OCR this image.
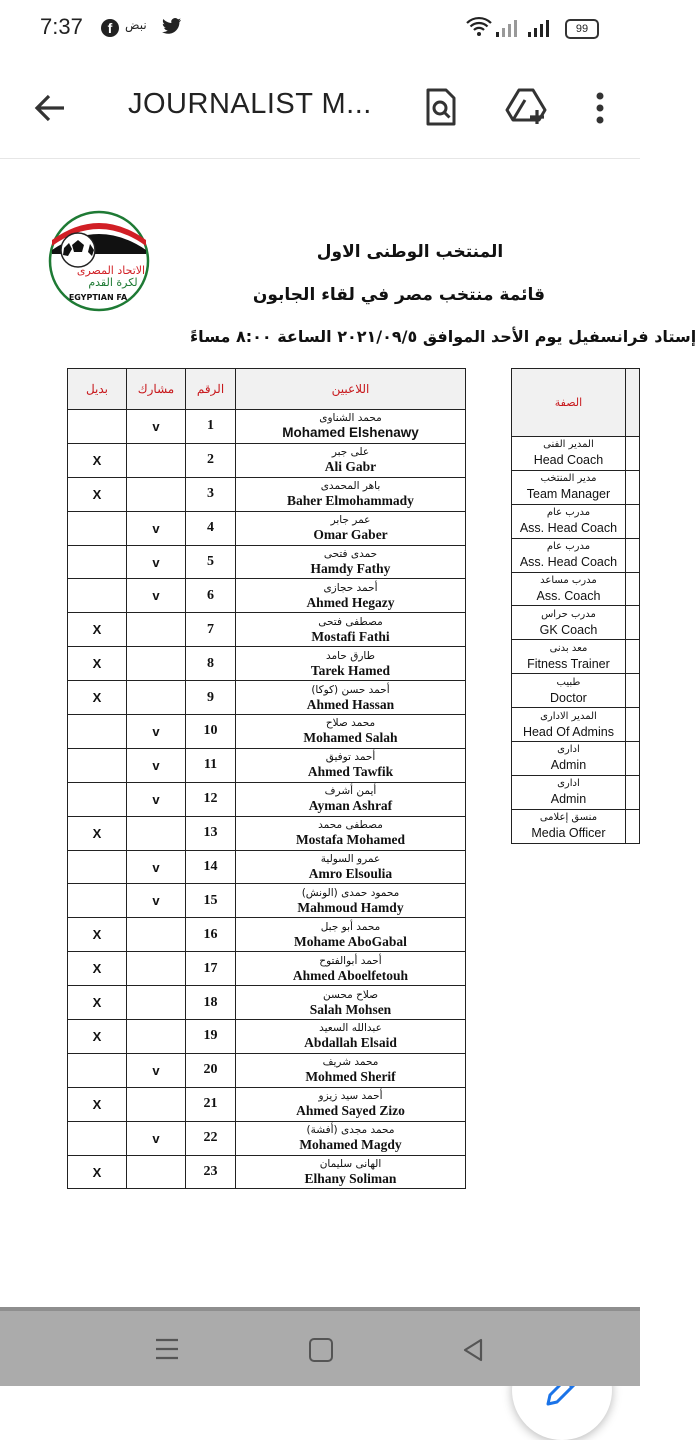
7:37	f	نبض	99
JOURNALIST M...
الاتحاد المصرى
لكرة القدم
EGYPTIAN FA
المنتخب الوطنى الاول
قائمة منتخب مصر في لقاء الجابون
إستاد فرانسفيل يوم الأحد الموافق ٢٠٢١/٠٩/٥ الساعة ٨:٠٠ مساءً
بديل	مشارك	الرقم	اللاعبين
	v	1	محمد الشناوى
Mohamed Elshenawy

X		2	على جبر
Ali Gabr

X		3	باهر المحمدى
Baher Elmohammady

	v	4	عمر جابر
Omar Gaber

	v	5	حمدى فتحى
Hamdy Fathy

	v	6	أحمد حجازى
Ahmed Hegazy

X		7	مصطفى فتحى
Mostafi Fathi

X		8	طارق حامد
Tarek Hamed

X		9	أحمد حسن (كوكا)
Ahmed Hassan

	v	10	محمد صلاح
Mohamed Salah

	v	11	أحمد توفيق
Ahmed Tawfik

	v	12	أيمن أشرف
Ayman Ashraf

X		13	مصطفى محمد
Mostafa Mohamed

	v	14	عمرو السولية
Amro Elsoulia

	v	15	محمود حمدى (الونش)
Mahmoud Hamdy

X		16	محمد أبو جبل
Mohame AboGabal

X		17	أحمد أبوالفتوح
Ahmed Aboelfetouh

X		18	صلاح محسن
Salah Mohsen

X		19	عبدالله السعيد
Abdallah Elsaid

	v	20	محمد شريف
Mohmed Sherif

X		21	أحمد سيد زيزو
Ahmed Sayed Zizo

	v	22	محمد مجدى (أفشة)
Mohamed Magdy

X		23	الهانى سليمان
Elhany Soliman
الصفة	

المدير الفنى
Head Coach	

مدير المنتخب
Team Manager	

مدرب عام
Ass. Head Coach	

مدرب عام
Ass. Head Coach	

مدرب مساعد
Ass. Coach	

مدرب حراس
GK Coach	

معد بدنى
Fitness Trainer	

طبيب
Doctor	

المدير الادارى
Head Of Admins	

ادارى
Admin	

ادارى
Admin	

منسق إعلامى
Media Officer	
